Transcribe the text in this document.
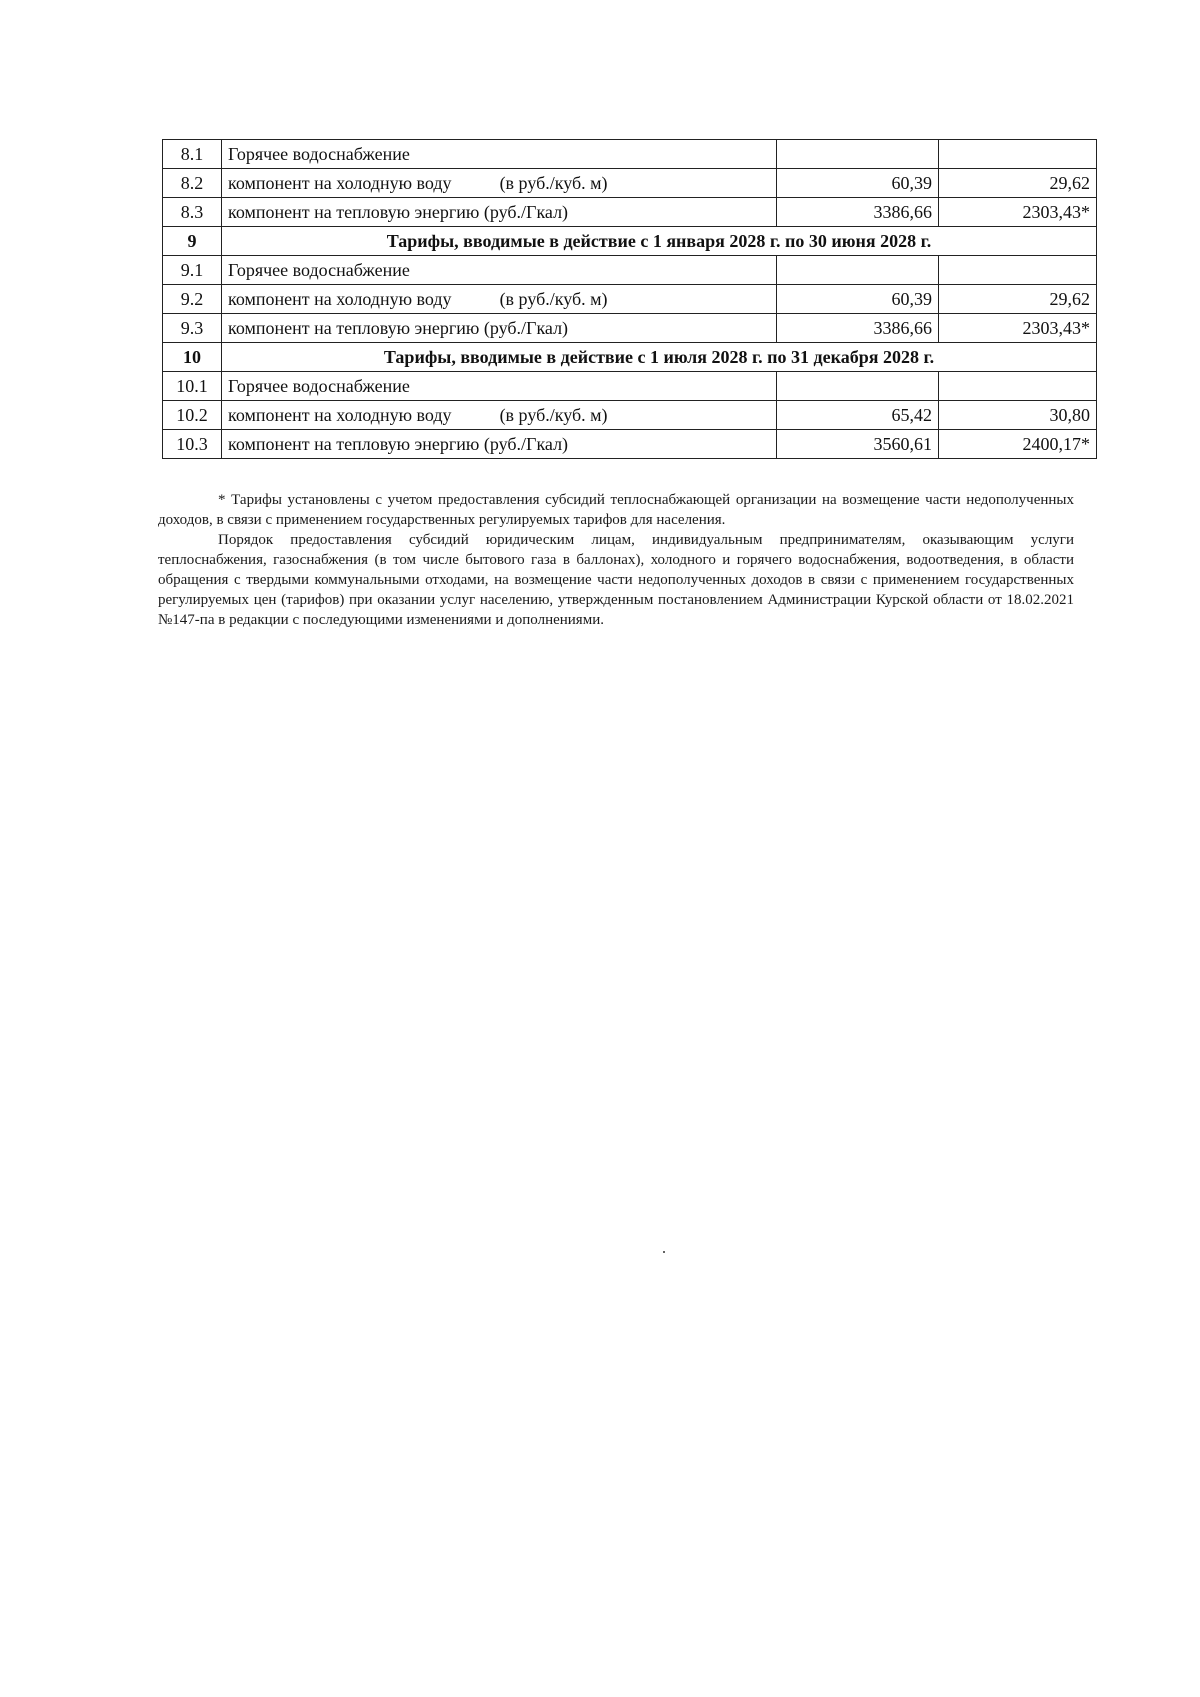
8.1	Горячее водоснабжение		
8.2	компонент на холодную воду (в руб./куб. м)	60,39	29,62
8.3	компонент на тепловую энергию (руб./Гкал)	3386,66	2303,43*
9	Тарифы, вводимые в действие с 1 января 2028 г. по 30 июня 2028 г.		
9.1	Горячее водоснабжение		
9.2	компонент на холодную воду (в руб./куб. м)	60,39	29,62
9.3	компонент на тепловую энергию (руб./Гкал)	3386,66	2303,43*
10	Тарифы, вводимые в действие с 1 июля 2028 г. по 31 декабря 2028 г.		
10.1	Горячее водоснабжение		
10.2	компонент на холодную воду (в руб./куб. м)	65,42	30,80
10.3	компонент на тепловую энергию (руб./Гкал)	3560,61	2400,17*

* Тарифы установлены с учетом предоставления субсидий теплоснабжающей организации на возмещение части недополученных доходов, в связи с применением государственных регулируемых тарифов для населения.

Порядок предоставления субсидий юридическим лицам, индивидуальным предпринимателям, оказывающим услуги теплоснабжения, газоснабжения (в том числе бытового газа в баллонах), холодного и горячего водоснабжения, водоотведения, в области обращения с твердыми коммунальными отходами, на возмещение части недополученных доходов в связи с применением государственных регулируемых цен (тарифов) при оказании услуг населению, утвержденным постановлением Администрации Курской области от 18.02.2021 №147-па в редакции с последующими изменениями и дополнениями.
